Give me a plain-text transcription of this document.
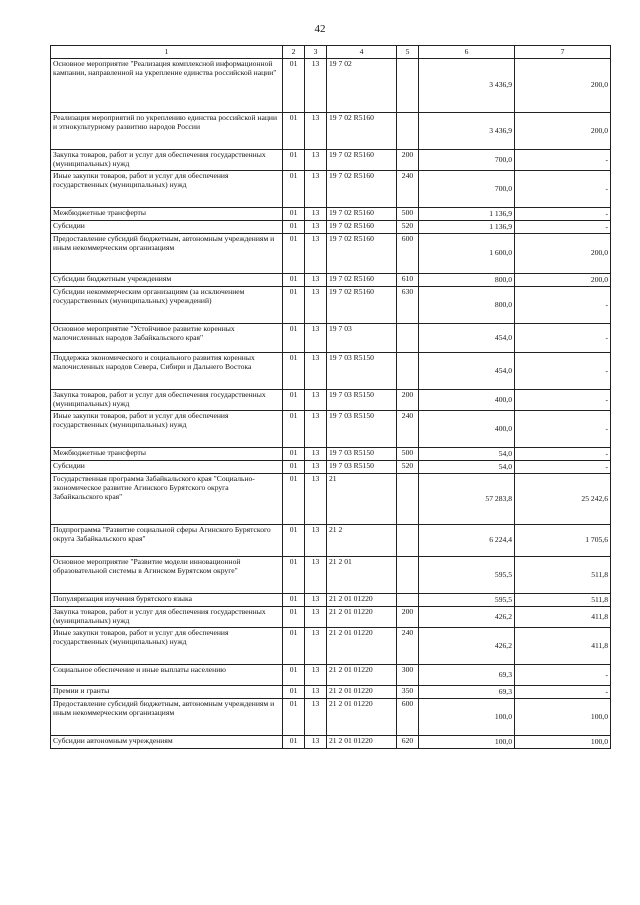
42
1	2	3	4	5	6	7
Основное мероприятие "Реализация комплексной информационной кампании, направленной на укрепление единства российской нации"	01	13	19 7 02		3 436,9	200,0
Реализация мероприятий по укреплению единства российской нации и этнокультурному развитию народов России	01	13	19 7 02 R5160		3 436,9	200,0
Закупка товаров, работ и услуг для обеспечения государственных (муниципальных) нужд	01	13	19 7 02 R5160	200	700,0	-
Иные закупки товаров, работ и услуг для обеспечения государственных (муниципальных) нужд	01	13	19 7 02 R5160	240	700,0	-
Межбюджетные трансферты	01	13	19 7 02 R5160	500	1 136,9	-
Субсидии	01	13	19 7 02 R5160	520	1 136,9	-
Предоставление субсидий бюджетным, автономным учреждениям и иным некоммерческим организациям	01	13	19 7 02 R5160	600	1 600,0	200,0
Субсидии бюджетным учреждениям	01	13	19 7 02 R5160	610	800,0	200,0
Субсидии некоммерческим организациям (за исключением государственных (муниципальных) учреждений)	01	13	19 7 02 R5160	630	800,0	-
Основное мероприятие "Устойчивое развитие коренных малочисленных народов Забайкальского края"	01	13	19 7 03		454,0	-
Поддержка экономического и социального развития коренных малочисленных народов Севера, Сибири и Дальнего Востока	01	13	19 7 03 R5150		454,0	-
Закупка товаров, работ и услуг для обеспечения государственных (муниципальных) нужд	01	13	19 7 03 R5150	200	400,0	-
Иные закупки товаров, работ и услуг для обеспечения государственных (муниципальных) нужд	01	13	19 7 03 R5150	240	400,0	-
Межбюджетные трансферты	01	13	19 7 03 R5150	500	54,0	-
Субсидии	01	13	19 7 03 R5150	520	54,0	-
Государственная программа Забайкальского края "Социально-экономическое развитие Агинского Бурятского округа Забайкальского края"	01	13	21		57 283,8	25 242,6
Подпрограмма "Развитие социальной сферы Агинского Бурятского округа Забайкальского края"	01	13	21 2		6 224,4	1 705,6
Основное мероприятие "Развитие модели инновационной образовательной системы в Агинском Бурятском округе"	01	13	21 2 01		595,5	511,8
Популяризация изучения бурятского языка	01	13	21 2 01 01220		595,5	511,8
Закупка товаров, работ и услуг для обеспечения государственных (муниципальных) нужд	01	13	21 2 01 01220	200	426,2	411,8
Иные закупки товаров, работ и услуг для обеспечения государственных (муниципальных) нужд	01	13	21 2 01 01220	240	426,2	411,8
Социальное обеспечение и иные выплаты населению	01	13	21 2 01 01220	300	69,3	-
Премии и гранты	01	13	21 2 01 01220	350	69,3	-
Предоставление субсидий бюджетным, автономным учреждениям и иным некоммерческим организациям	01	13	21 2 01 01220	600	100,0	100,0
Субсидии автономным учреждениям	01	13	21 2 01 01220	620	100,0	100,0
